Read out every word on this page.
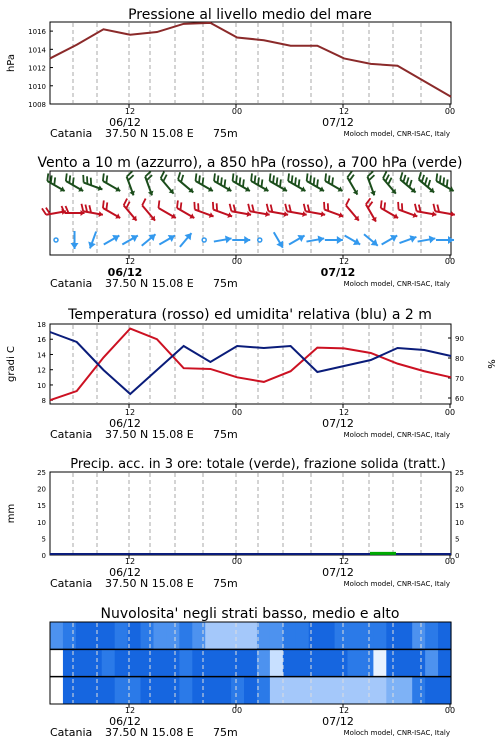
Pressione al livello medio del mare
1016
1014
1012
1010
1008
hPa
12	00	12	00
06/12	07/12
Catania 37.50 N 15.08 E 75m	Moloch model, CNR-ISAC, Italy
Vento a 10 m (azzurro), a 850 hPa (rosso), a 700 hPa (verde)
12	00	12	00
06/12	07/12
Catania 37.50 N 15.08 E 75m	Moloch model, CNR-ISAC, Italy
Temperatura (rosso) ed umidita' relativa (blu) a 2 m
18
16
14
12
10
8
90
80
70
60
gradi C	%
12	00	12	00
06/12	07/12
Catania 37.50 N 15.08 E 75m	Moloch model, CNR-ISAC, Italy
Precip. acc. in 3 ore: totale (verde), frazione solida (tratt.)
25	25
20	20
15	15
10	10
5	5
0	0
mm
12	00	12	00
06/12	07/12
Catania 37.50 N 15.08 E 75m	Moloch model, CNR-ISAC, Italy
Nuvolosita' negli strati basso, medio e alto
12	00	12	00
06/12	07/12
Catania 37.50 N 15.08 E 75m	Moloch model, CNR-ISAC, Italy
